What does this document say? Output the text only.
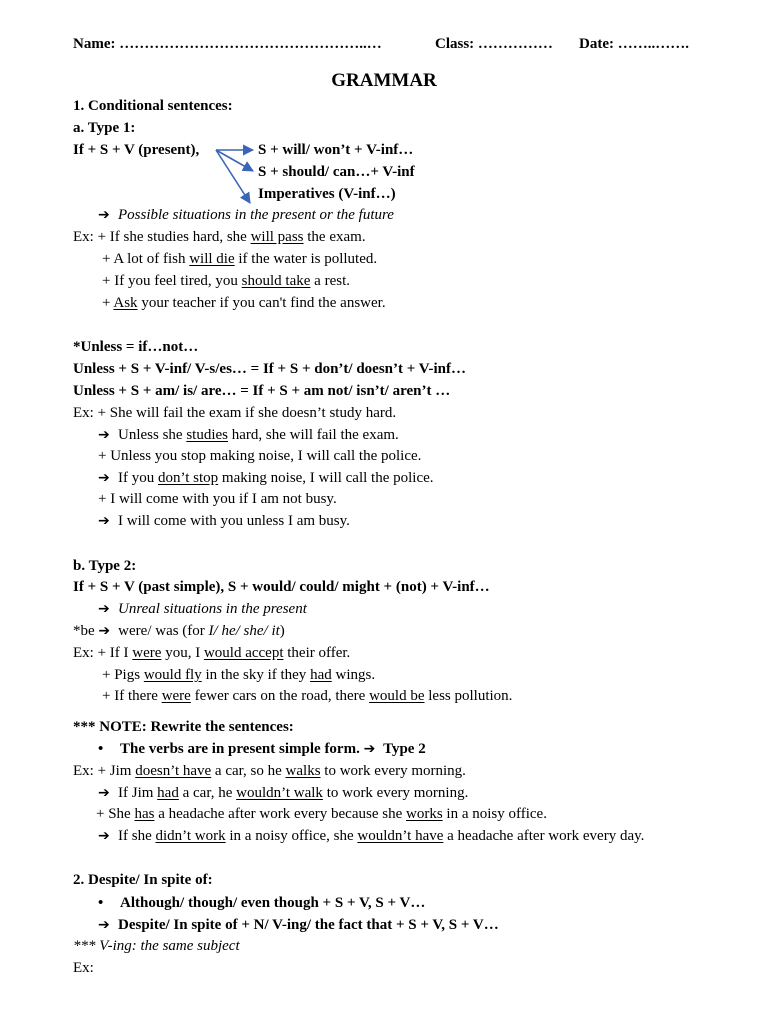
Name: …………………………………………..…	Class: …………… Date: ……..…….
GRAMMAR
1. Conditional sentences:
a. Type 1:
If + S + V (present),	S + will/ won’t + V-inf…
S + should/ can…+ V-inf
Imperatives (V-inf…)
➔ Possible situations in the present or the future
Ex: + If she studies hard, she will pass the exam.
+ A lot of fish will die if the water is polluted.
+ If you feel tired, you should take a rest.
+ Ask your teacher if you can't find the answer.
*Unless = if…not…
Unless + S + V-inf/ V-s/es… = If + S + don’t/ doesn’t + V-inf…
Unless + S + am/ is/ are… = If + S + am not/ isn’t/ aren’t …
Ex: + She will fail the exam if she doesn’t study hard.
➔ Unless she studies hard, she will fail the exam.
+ Unless you stop making noise, I will call the police.
➔ If you don’t stop making noise, I will call the police.
+ I will come with you if I am not busy.
➔ I will come with you unless I am busy.
b. Type 2:
If + S + V (past simple), S + would/ could/ might + (not) + V-inf…
➔ Unreal situations in the present
*be ➔ were/ was (for I/ he/ she/ it)
Ex: + If I were you, I would accept their offer.
+ Pigs would fly in the sky if they had wings.
+ If there were fewer cars on the road, there would be less pollution.
*** NOTE: Rewrite the sentences:
• The verbs are in present simple form. ➔ Type 2
Ex: + Jim doesn’t have a car, so he walks to work every morning.
➔ If Jim had a car, he wouldn’t walk to work every morning.
+ She has a headache after work every because she works in a noisy office.
➔ If she didn’t work in a noisy office, she wouldn’t have a headache after work every day.
2. Despite/ In spite of:
• Although/ though/ even though + S + V, S + V…
➔ Despite/ In spite of + N/ V-ing/ the fact that + S + V, S + V…
*** V-ing: the same subject
Ex:
